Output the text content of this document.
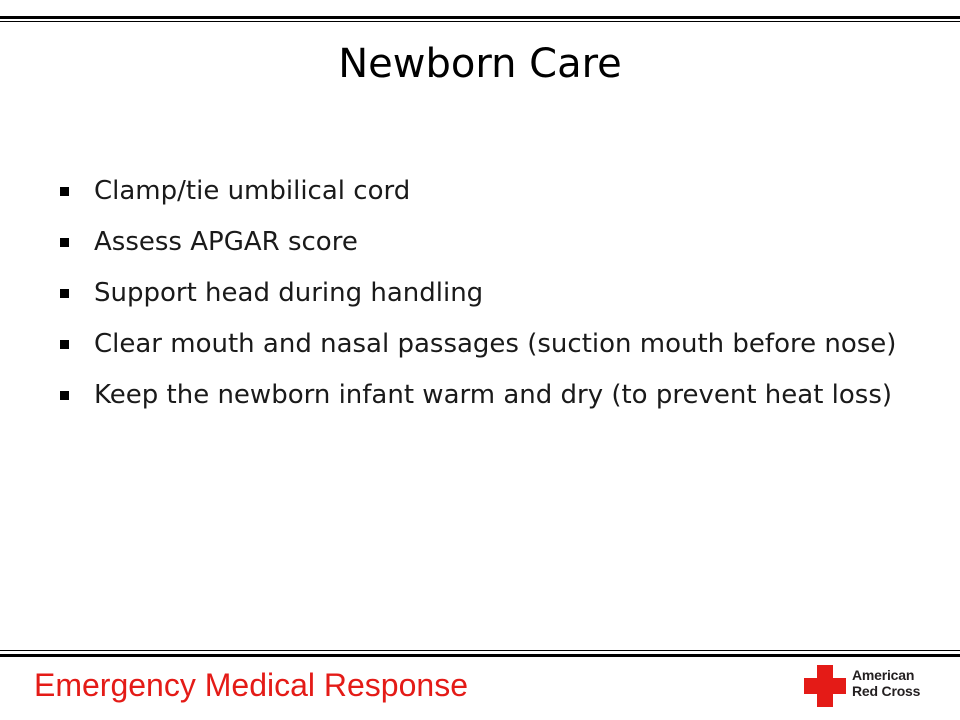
Newborn Care
Clamp/tie umbilical cord
Assess APGAR score
Support head during handling
Clear mouth and nasal passages (suction mouth before nose)
Keep the newborn infant warm and dry (to prevent heat loss)
Emergency Medical Response	American
Red Cross
